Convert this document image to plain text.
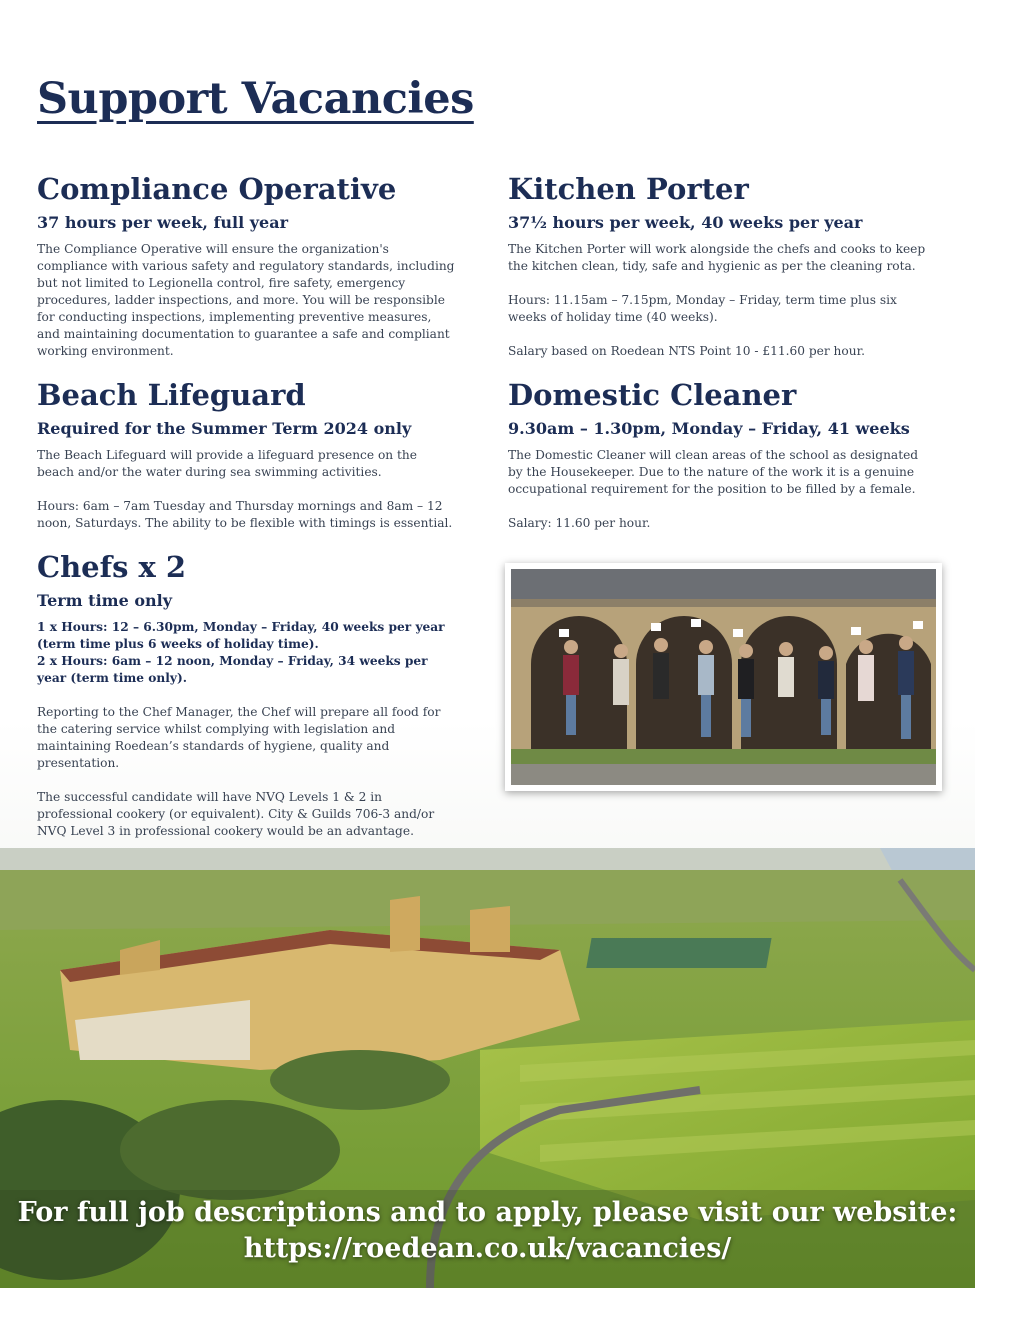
Support Vacancies
Compliance Operative
37 hours per week, full year

The Compliance Operative will ensure the organization's compliance with various safety and regulatory standards, including but not limited to Legionella control, fire safety, emergency procedures, ladder inspections, and more. You will be responsible for conducting inspections, implementing preventive measures, and maintaining documentation to guarantee a safe and compliant working environment.

Beach Lifeguard
Required for the Summer Term 2024 only

The Beach Lifeguard will provide a lifeguard presence on the beach and/or the water during sea swimming activities.

Hours: 6am – 7am Tuesday and Thursday mornings and 8am – 12 noon, Saturdays. The ability to be flexible with timings is essential.

Chefs x 2
Term time only

1 x Hours: 12 – 6.30pm, Monday – Friday, 40 weeks per year (term time plus 6 weeks of holiday time).

2 x Hours: 6am – 12 noon, Monday – Friday, 34 weeks per year (term time only).

Reporting to the Chef Manager, the Chef will prepare all food for the catering service whilst complying with legislation and maintaining Roedean’s standards of hygiene, quality and presentation.

The successful candidate will have NVQ Levels 1 & 2 in professional cookery (or equivalent). City & Guilds 706-3 and/or NVQ Level 3 in professional cookery would be an advantage.

Kitchen Porter
37½ hours per week, 40 weeks per year

The Kitchen Porter will work alongside the chefs and cooks to keep the kitchen clean, tidy, safe and hygienic as per the cleaning rota.

Hours: 11.15am – 7.15pm, Monday – Friday, term time plus six weeks of holiday time (40 weeks).

Salary based on Roedean NTS Point 10 - £11.60 per hour.

Domestic Cleaner
9.30am – 1.30pm, Monday – Friday, 41 weeks

The Domestic Cleaner will clean areas of the school as designated by the Housekeeper. Due to the nature of the work it is a genuine occupational requirement for the position to be filled by a female.

Salary: 11.60 per hour.

For full job descriptions and to apply, please visit our website:
https://roedean.co.uk/vacancies/
